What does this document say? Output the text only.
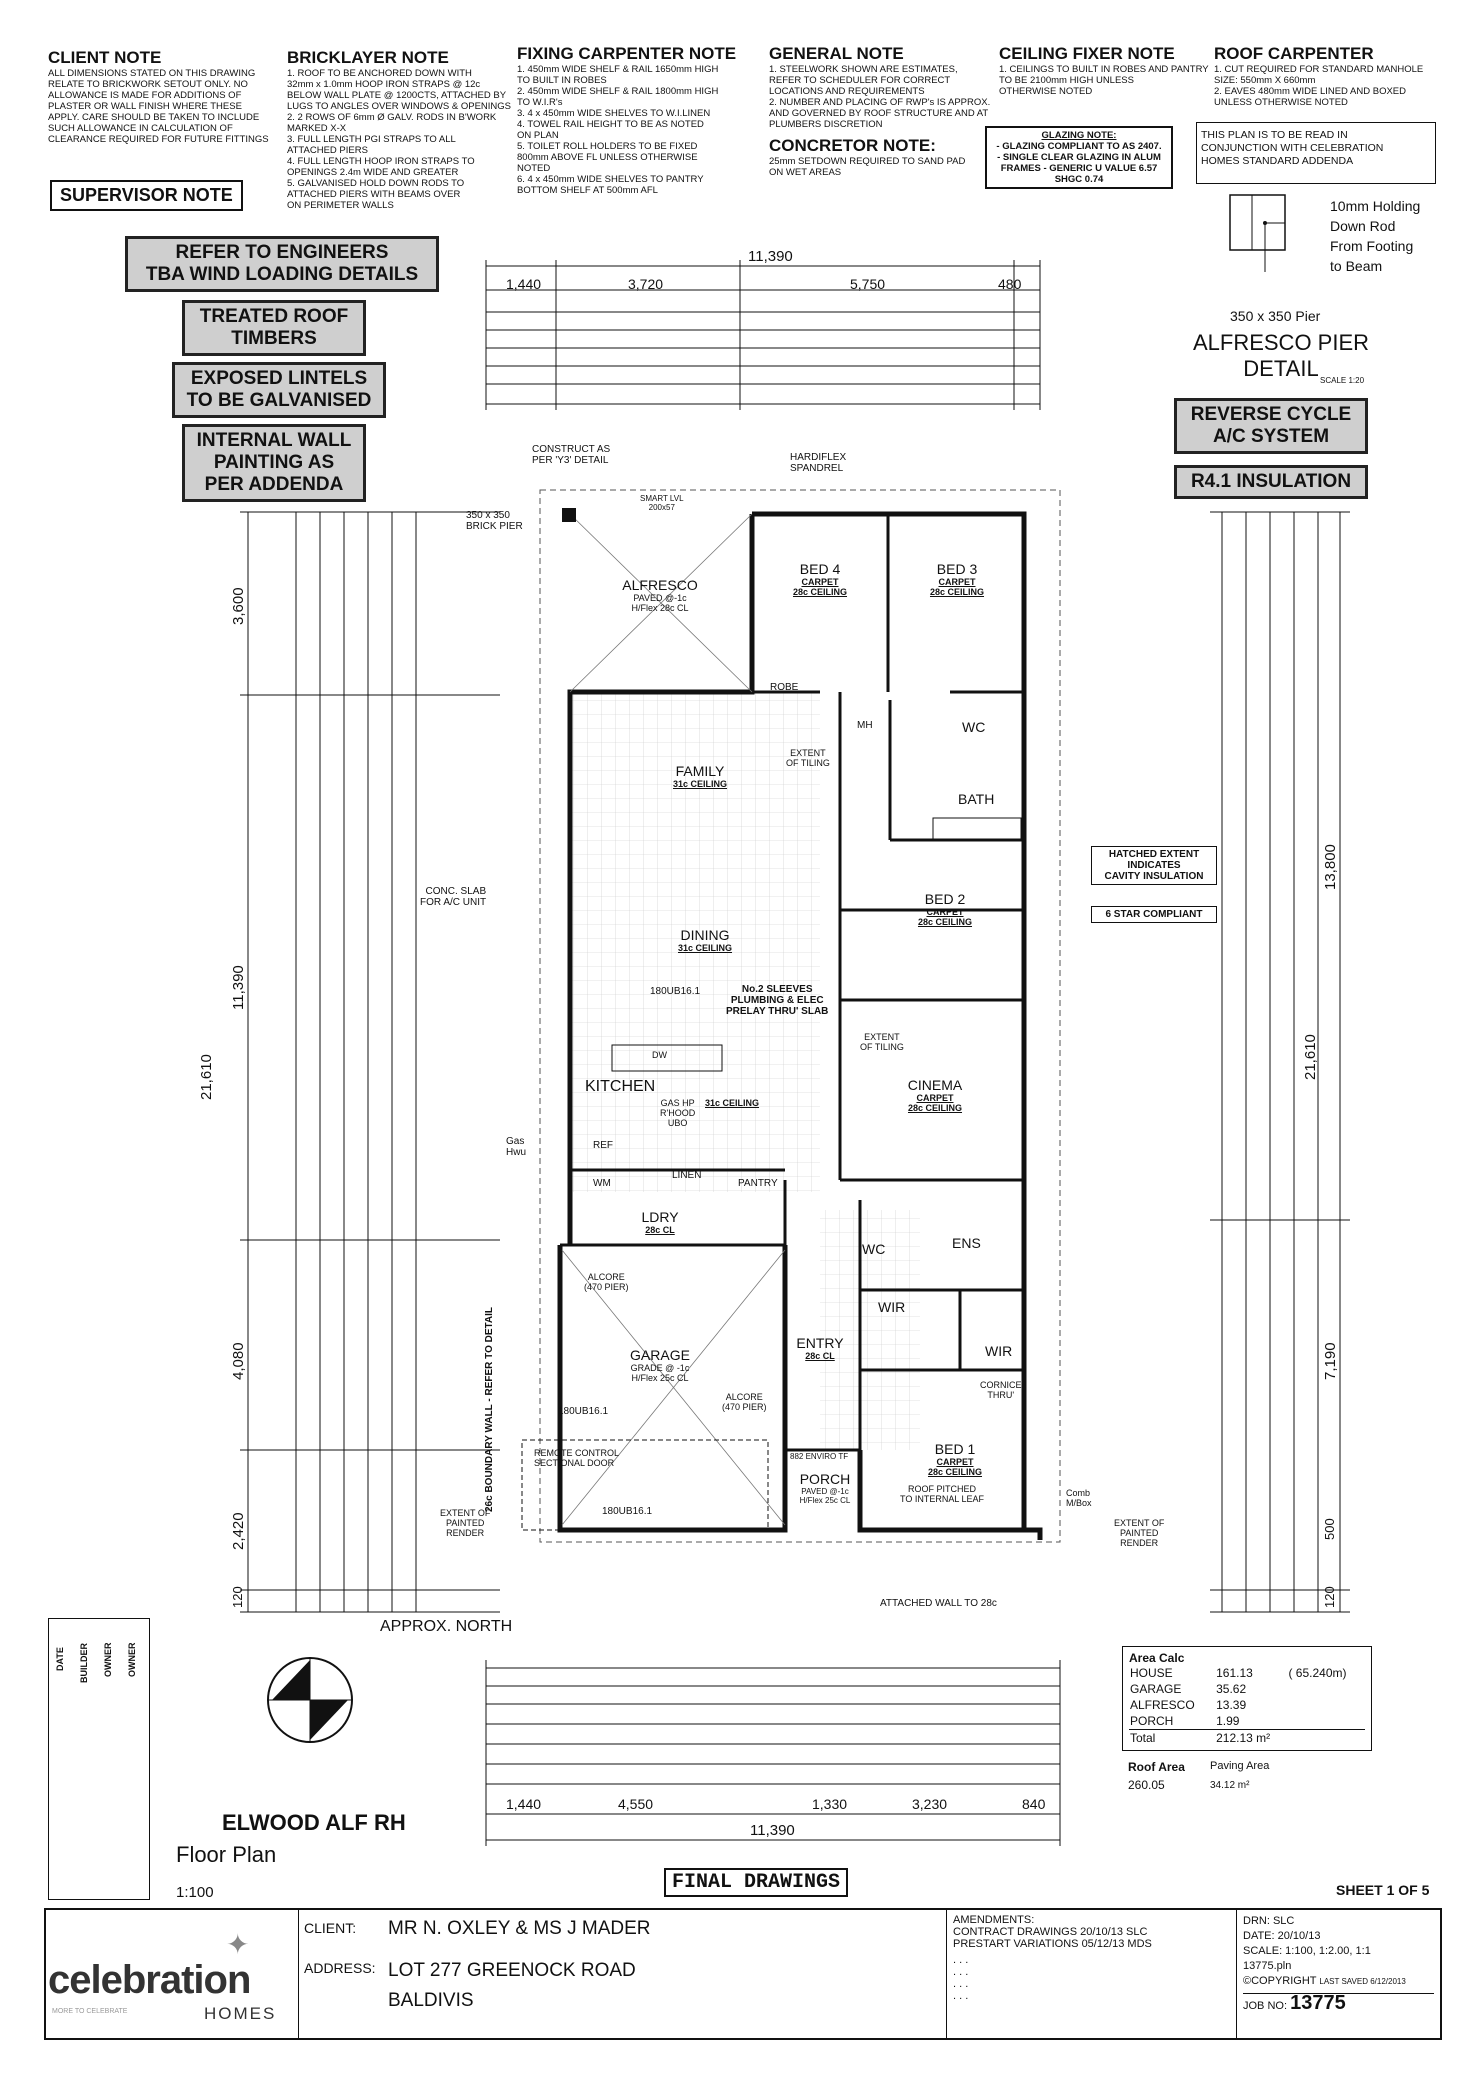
CLIENT NOTE
ALL DIMENSIONS STATED ON THIS DRAWING
RELATE TO BRICKWORK SETOUT ONLY. NO
ALLOWANCE IS MADE FOR ADDITIONS OF
PLASTER OR WALL FINISH WHERE THESE
APPLY. CARE SHOULD BE TAKEN TO INCLUDE
SUCH ALLOWANCE IN CALCULATION OF
CLEARANCE REQUIRED FOR FUTURE FITTINGS
SUPERVISOR NOTE
BRICKLAYER NOTE
1. ROOF TO BE ANCHORED DOWN WITH
32mm x 1.0mm HOOP IRON STRAPS @ 12c
BELOW WALL PLATE @ 1200CTS, ATTACHED BY
LUGS TO ANGLES OVER WINDOWS & OPENINGS
2. 2 ROWS OF 6mm Ø GALV. RODS IN B'WORK
MARKED X-X
3. FULL LENGTH PGI STRAPS TO ALL
ATTACHED PIERS
4. FULL LENGTH HOOP IRON STRAPS TO
OPENINGS 2.4m WIDE AND GREATER
5. GALVANISED HOLD DOWN RODS TO
ATTACHED PIERS WITH BEAMS OVER
ON PERIMETER WALLS
FIXING CARPENTER NOTE
1. 450mm WIDE SHELF & RAIL 1650mm HIGH
TO BUILT IN ROBES
2. 450mm WIDE SHELF & RAIL 1800mm HIGH
TO W.I.R's
3. 4 x 450mm WIDE SHELVES TO W.I.LINEN
4. TOWEL RAIL HEIGHT TO BE AS NOTED
ON PLAN
5. TOILET ROLL HOLDERS TO BE FIXED
800mm ABOVE FL UNLESS OTHERWISE
NOTED
6. 4 x 450mm WIDE SHELVES TO PANTRY
BOTTOM SHELF AT 500mm AFL
GENERAL NOTE
1. STEELWORK SHOWN ARE ESTIMATES,
REFER TO SCHEDULER FOR CORRECT
LOCATIONS AND REQUIREMENTS
2. NUMBER AND PLACING OF RWP's IS APPROX.
AND GOVERNED BY ROOF STRUCTURE AND AT
PLUMBERS DISCRETION
CONCRETOR NOTE:
25mm SETDOWN REQUIRED TO SAND PAD
ON WET AREAS
CEILING FIXER NOTE
1. CEILINGS TO BUILT IN ROBES AND PANTRY
TO BE 2100mm HIGH UNLESS
OTHERWISE NOTED
GLAZING NOTE:
- GLAZING COMPLIANT TO AS 2407.
- SINGLE CLEAR GLAZING IN ALUM
FRAMES - GENERIC U VALUE 6.57
SHGC 0.74
ROOF CARPENTER
1. CUT REQUIRED FOR STANDARD MANHOLE
SIZE: 550mm X 660mm
2. EAVES 480mm WIDE LINED AND BOXED
UNLESS OTHERWISE NOTED
THIS PLAN IS TO BE READ IN
CONJUNCTION WITH CELEBRATION
HOMES STANDARD ADDENDA
10mm Holding
Down Rod
From Footing
to Beam
350 x 350 Pier
ALFRESCO PIER
DETAIL SCALE 1:20
REFER TO ENGINEERS
TBA WIND LOADING DETAILS
TREATED ROOF
TIMBERS
EXPOSED LINTELS
TO BE GALVANISED
INTERNAL WALL
PAINTING AS
PER ADDENDA
REVERSE CYCLE
A/C SYSTEM
R4.1 INSULATION
HATCHED EXTENT
INDICATES
CAVITY INSULATION
6 STAR COMPLIANT
11,390
1,440	3,720	5,750	480
11,390
1,440	4,550	1,330	3,230	840
21,610
3,600
11,390
4,080
2,420
120
21,610
13,800
7,190
500
120
ALFRESCO
PAVED @-1c
H/Flex 28c CL
BED 4
CARPET
28c CEILING
BED 3
CARPET
28c CEILING
FAMILY
31c CEILING
DINING
31c CEILING
KITCHEN
31c CEILING
BATH
WC
BED 2
CARPET
28c CEILING
CINEMA
CARPET
28c CEILING
LDRY
28c CL
GARAGE
GRADE @ -1c
H/Flex 25c CL
ENTRY
28c CL
WC	ENS
WIR
WIR
PORCH
PAVED @-1c
H/Flex 25c CL
BED 1
CARPET
28c CEILING
ROBE
LINEN
PANTRY
REF
WM
MH
APPROX. NORTH
HARDIFLEX
SPANDREL
CONSTRUCT AS
PER 'Y3' DETAIL
350 x 350
BRICK PIER
CONC. SLAB
FOR A/C UNIT
Gas
Hwu
No.2 SLEEVES
PLUMBING & ELEC
PRELAY THRU' SLAB
180UB16.1
180UB16.1
180UB16.1
SMART LVL
200x57
26c BOUNDARY WALL - REFER TO DETAIL	REMOTE CONTROL
SECTIONAL DOOR
ALCORE
(470 PIER)
ALCORE
(470 PIER)
EXTENT OF
PAINTED
RENDER
EXTENT OF
PAINTED
RENDER
ATTACHED WALL TO 28c
CORNICE
THRU'
ROOF PITCHED
TO INTERNAL LEAF
Comb
M/Box
882 ENVIRO TF
EXTENT
OF TILING
EXTENT
OF TILING
GAS HP
R'HOOD
UBO
DW
Area Calc
HOUSE	161.13	( 65.240m)
GARAGE	35.62	
ALFRESCO	13.39	
PORCH	1.99	
Total	212.13 m²	
Roof Area
260.05
Paving Area
34.12 m²
DATE BUILDER OWNER OWNER
ELWOOD ALF RH
Floor Plan
1:100	FINAL DRAWINGS	SHEET 1 OF 5
✦
celebration
MORE TO CELEBRATE	HOMES
CLIENT: MR N. OXLEY & MS J MADER
ADDRESS: LOT 277 GREENOCK ROAD
BALDIVIS
AMENDMENTS:
CONTRACT DRAWINGS 20/10/13 SLC
PRESTART VARIATIONS 05/12/13 MDS
. . .
. . .
. . .
. . .
DRN: SLC
DATE: 20/10/13
SCALE: 1:100, 1:2.00, 1:1
13775.pln
©COPYRIGHT LAST SAVED 6/12/2013
JOB NO: 13775
